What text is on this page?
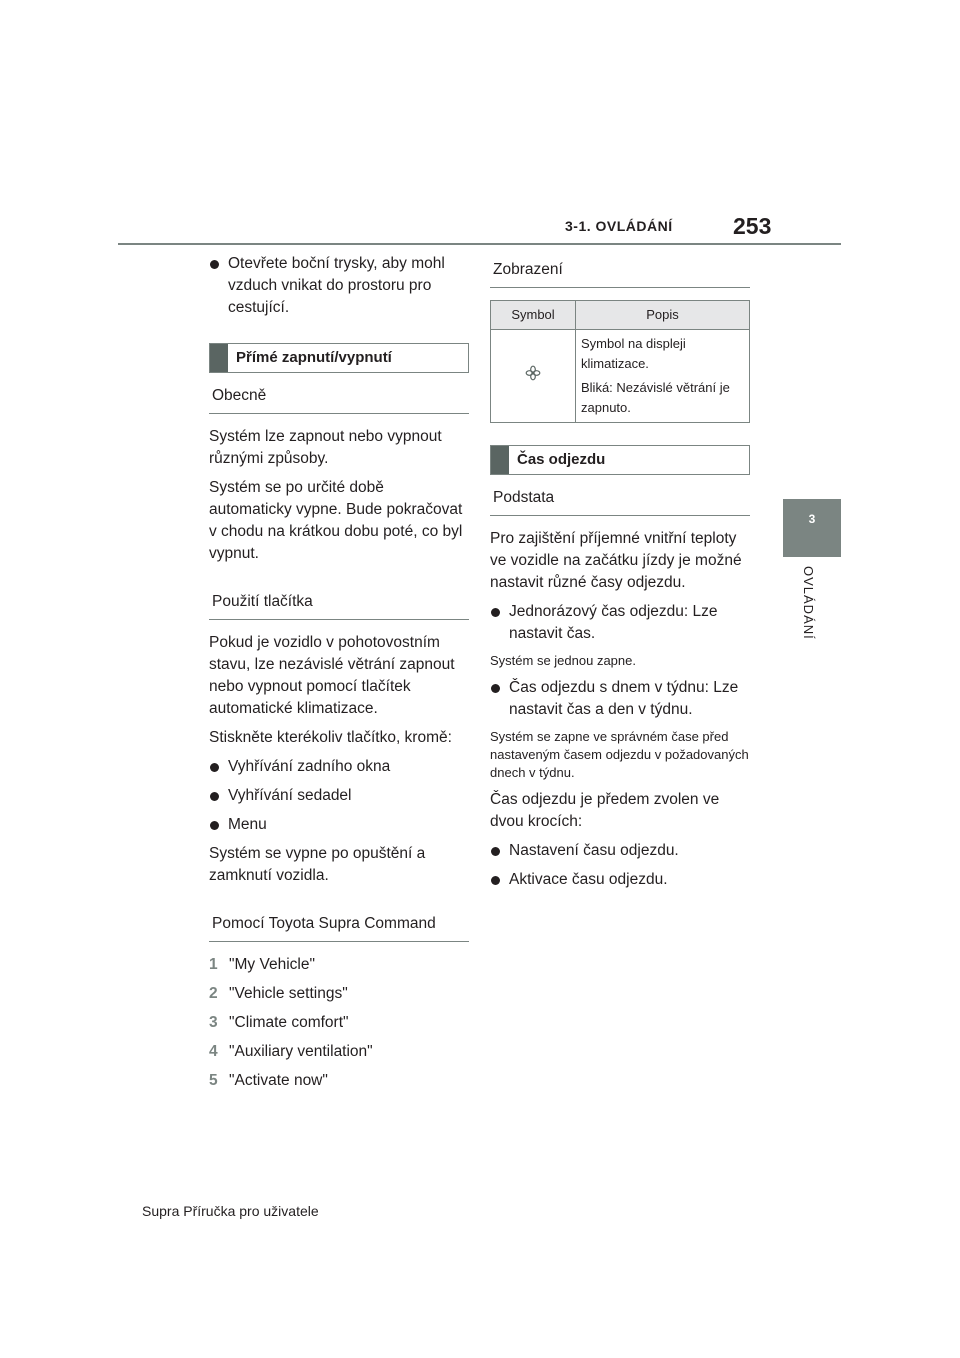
3-1. OVLÁDÁNÍ	253
3
OVLÁDÁNÍ
Otevřete boční trysky, aby mohl vzduch vnikat do prostoru pro cestující.
Přímé zapnutí/vypnutí
Obecně

Systém lze zapnout nebo vypnout různými způsoby.

Systém se po určité době automaticky vypne. Bude pokračovat v chodu na krátkou dobu poté, co byl vypnut.

Použití tlačítka

Pokud je vozidlo v pohotovostním stavu, lze nezávislé větrání zapnout nebo vypnout pomocí tlačítek automatické klimatizace.

Stiskněte kterékoliv tlačítko, kromě:

Vyhřívání zadního okna
Vyhřívání sedadel
Menu

Systém se vypne po opuštění a zamknutí vozidla.

Pomocí Toyota Supra Command
1 "My Vehicle"
2 "Vehicle settings"
3 "Climate comfort"
4 "Auxiliary ventilation"
5 "Activate now"
Zobrazení
Symbol	Popis

Symbol na displeji klimatizace.
Bliká: Nezávislé větrání je zapnuto.
Čas odjezdu
Podstata

Pro zajištění příjemné vnitřní teploty ve vozidle na začátku jízdy je možné nastavit různé časy odjezdu.

Jednorázový čas odjezdu: Lze nastavit čas.

Systém se jednou zapne.

Čas odjezdu s dnem v týdnu: Lze nastavit čas a den v týdnu.

Systém se zapne ve správném čase před nastaveným časem odjezdu v požadovaných dnech v týdnu.

Čas odjezdu je předem zvolen ve dvou krocích:

Nastavení času odjezdu.
Aktivace času odjezdu.
Supra Příručka pro uživatele
